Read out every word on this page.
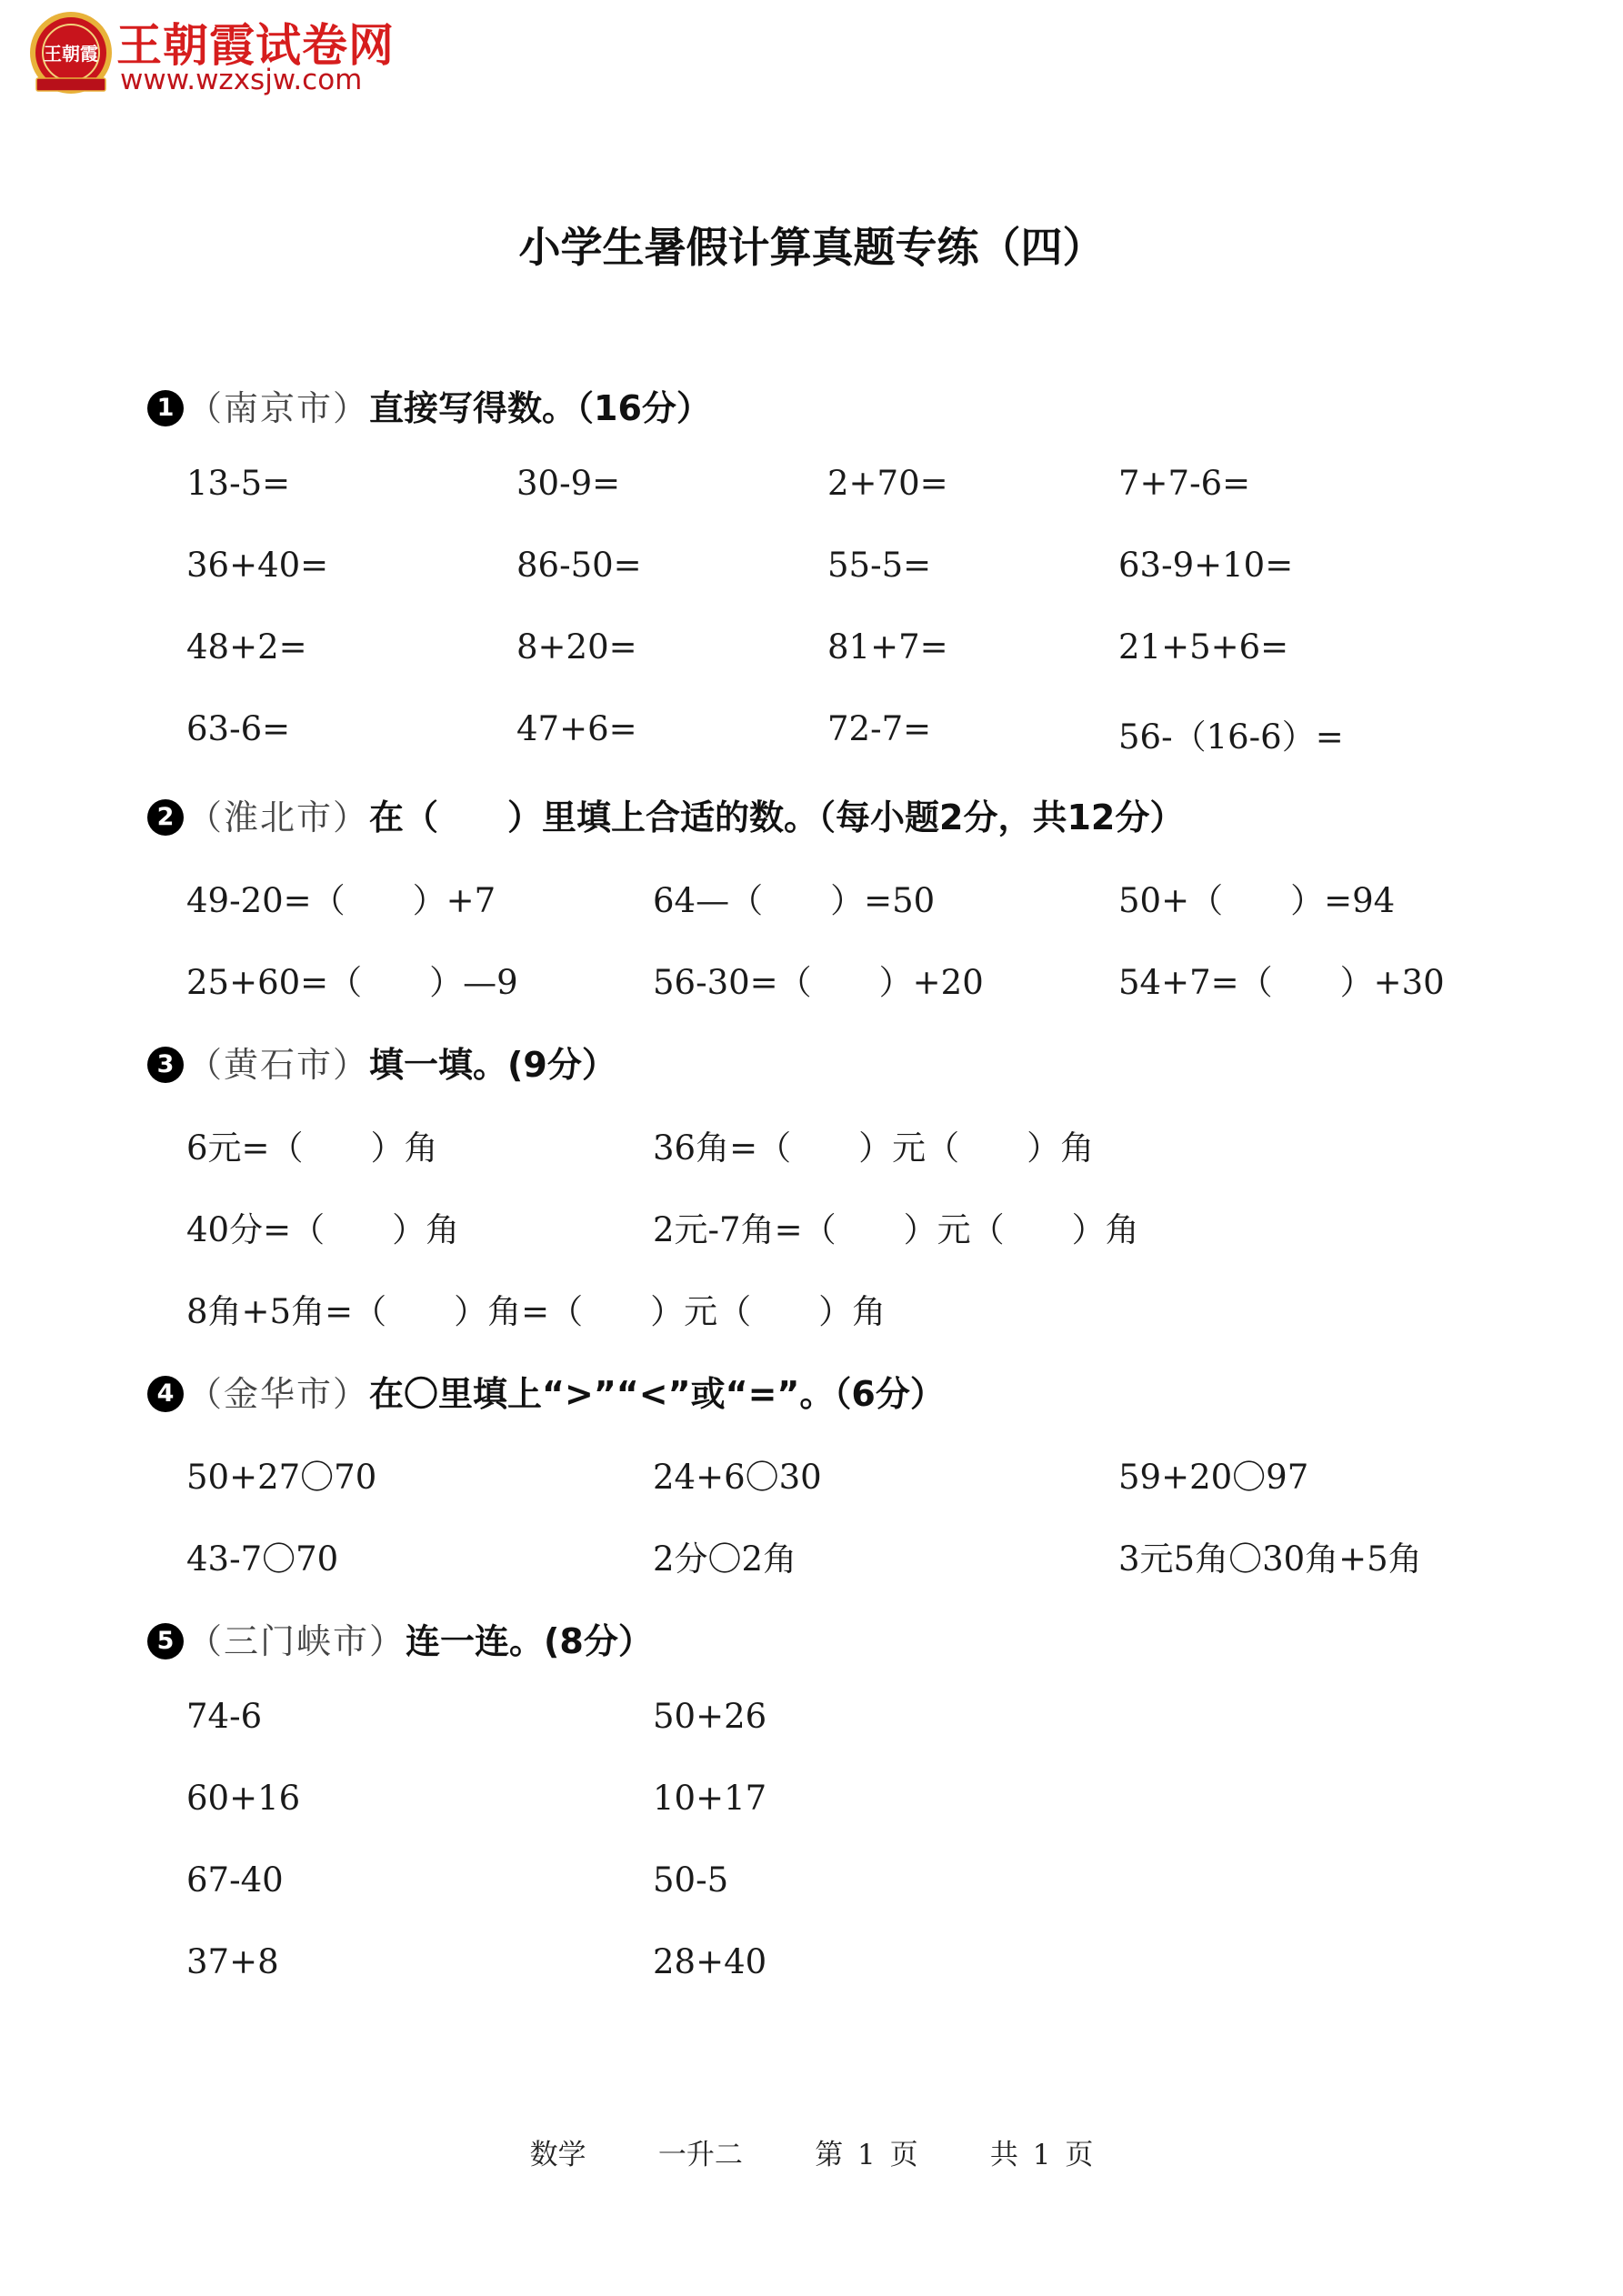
王朝霞 王朝霞试卷网
www.wzxsjw.com
小学生暑假计算真题专练（四）
1 （南京市）直接写得数。（16分）
13-5=	30-9=	2+70=	7+7-6=
36+40=	86-50=	55-5=	63-9+10=
48+2=	8+20=	81+7=	21+5+6=
63-6=	47+6=	72-7=	56-（16-6）=
2 （淮北市）在（　　）里填上合适的数。（每小题2分，共12分）
49-20=（　　）+7	64—（　　）=50	50+（　　）=94
25+60=（　　）—9	56-30=（　　）+20	54+7=（　　）+30
3 （黄石市）填一填。(9分）
6元=（　　）角	36角=（　　）元（　　）角
40分=（　　）角	2元-7角=（　　）元（　　）角
8角+5角=（　　）角=（　　）元（　　）角
4 （金华市）在〇里填上“>”“<”或“=”。（6分）
50+27〇70	24+6〇30	59+20〇97
43-7〇70	2分〇2角	3元5角〇30角+5角
5 （三门峡市）连一连。(8分）
74-6	50+26
60+16	10+17
67-40	50-5
37+8	28+40
数学	一升二	第 1 页	共 1 页
